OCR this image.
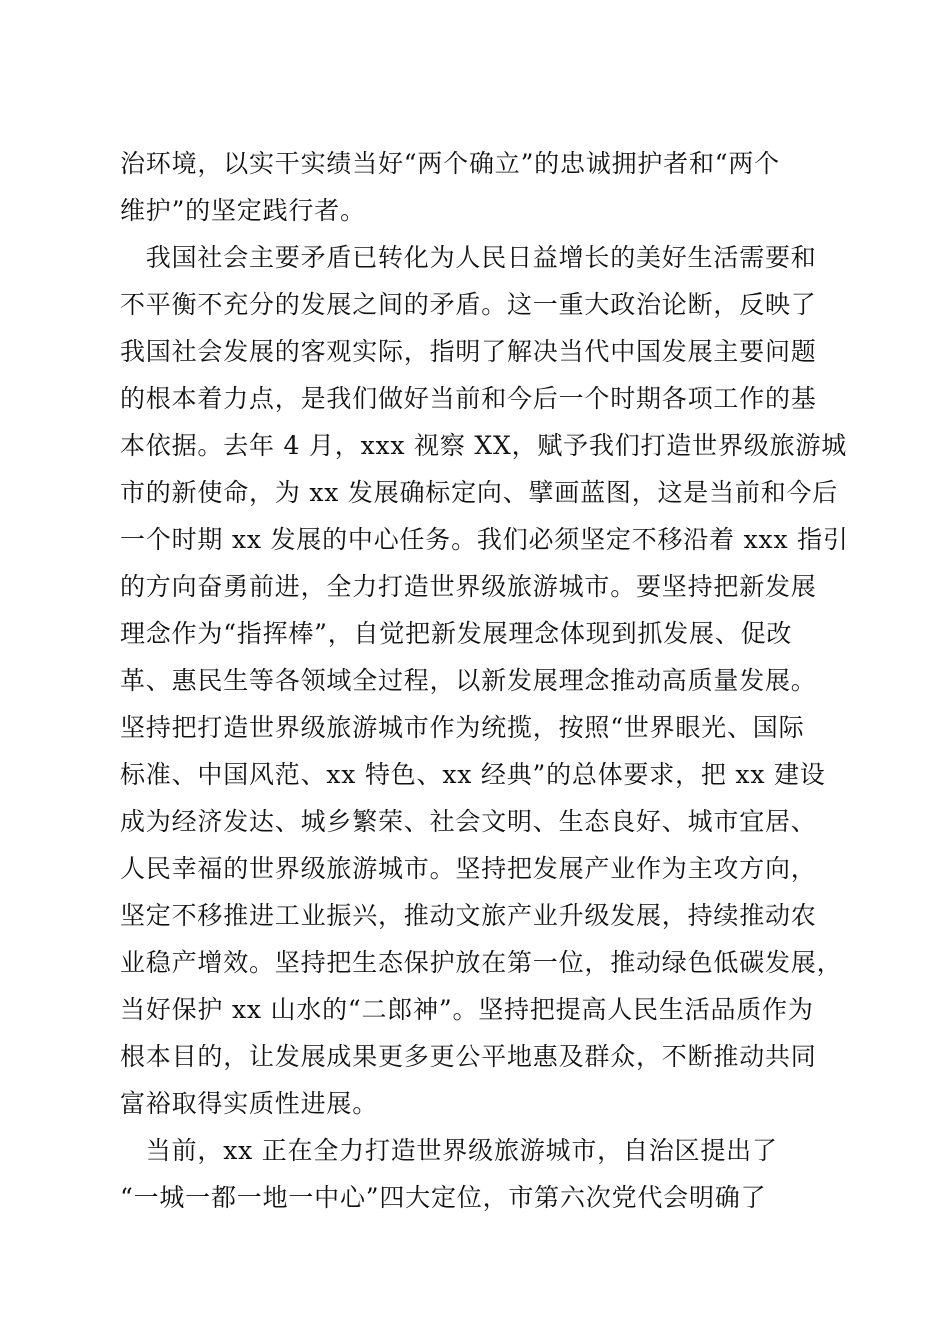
治环境，以实干实绩当好“两个确立”的忠诚拥护者和“两个
维护”的坚定践行者。
　我国社会主要矛盾已转化为人民日益增长的美好生活需要和
不平衡不充分的发展之间的矛盾。这一重大政治论断，反映了
我国社会发展的客观实际，指明了解决当代中国发展主要问题
的根本着力点，是我们做好当前和今后一个时期各项工作的基
本依据。去年 4 月，xxx 视察 XX，赋予我们打造世界级旅游城
市的新使命，为 xx 发展确标定向、擘画蓝图，这是当前和今后
一个时期 xx 发展的中心任务。我们必须坚定不移沿着 xxx 指引
的方向奋勇前进，全力打造世界级旅游城市。要坚持把新发展
理念作为“指挥棒”，自觉把新发展理念体现到抓发展、促改
革、惠民生等各领域全过程，以新发展理念推动高质量发展。
坚持把打造世界级旅游城市作为统揽，按照“世界眼光、国际
标准、中国风范、xx 特色、xx 经典”的总体要求，把 xx 建设
成为经济发达、城乡繁荣、社会文明、生态良好、城市宜居、
人民幸福的世界级旅游城市。坚持把发展产业作为主攻方向，
坚定不移推进工业振兴，推动文旅产业升级发展，持续推动农
业稳产增效。坚持把生态保护放在第一位，推动绿色低碳发展，
当好保护 xx 山水的“二郎神”。坚持把提高人民生活品质作为
根本目的，让发展成果更多更公平地惠及群众，不断推动共同
富裕取得实质性进展。
　当前，xx 正在全力打造世界级旅游城市，自治区提出了
“一城一都一地一中心”四大定位，市第六次党代会明确了
